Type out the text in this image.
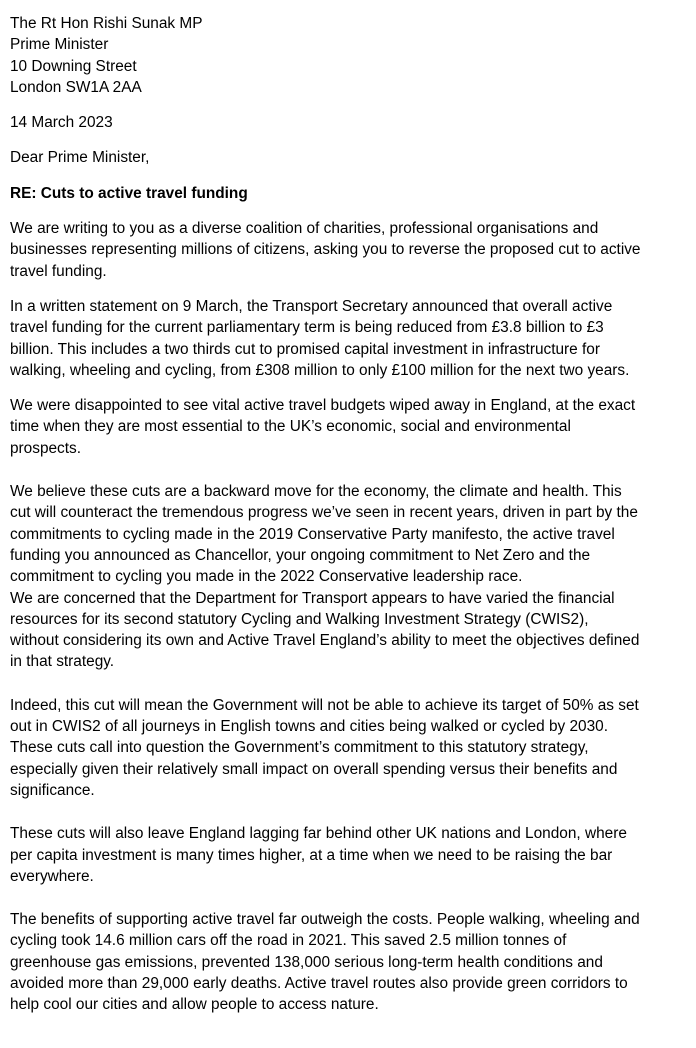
The Rt Hon Rishi Sunak MP
Prime Minister
10 Downing Street
London SW1A 2AA
14 March 2023
Dear Prime Minister,
RE: Cuts to active travel funding
We are writing to you as a diverse coalition of charities, professional organisations and
businesses representing millions of citizens, asking you to reverse the proposed cut to active
travel funding.
In a written statement on 9 March, the Transport Secretary announced that overall active
travel funding for the current parliamentary term is being reduced from £3.8 billion to £3
billion. This includes a two thirds cut to promised capital investment in infrastructure for
walking, wheeling and cycling, from £308 million to only £100 million for the next two years.
We were disappointed to see vital active travel budgets wiped away in England, at the exact
time when they are most essential to the UK’s economic, social and environmental
prospects.
We believe these cuts are a backward move for the economy, the climate and health. This
cut will counteract the tremendous progress we’ve seen in recent years, driven in part by the
commitments to cycling made in the 2019 Conservative Party manifesto, the active travel
funding you announced as Chancellor, your ongoing commitment to Net Zero and the
commitment to cycling you made in the 2022 Conservative leadership race.
We are concerned that the Department for Transport appears to have varied the financial
resources for its second statutory Cycling and Walking Investment Strategy (CWIS2),
without considering its own and Active Travel England’s ability to meet the objectives defined
in that strategy.
Indeed, this cut will mean the Government will not be able to achieve its target of 50% as set
out in CWIS2 of all journeys in English towns and cities being walked or cycled by 2030.
These cuts call into question the Government’s commitment to this statutory strategy,
especially given their relatively small impact on overall spending versus their benefits and
significance.
These cuts will also leave England lagging far behind other UK nations and London, where
per capita investment is many times higher, at a time when we need to be raising the bar
everywhere.
The benefits of supporting active travel far outweigh the costs. People walking, wheeling and
cycling took 14.6 million cars off the road in 2021. This saved 2.5 million tonnes of
greenhouse gas emissions, prevented 138,000 serious long-term health conditions and
avoided more than 29,000 early deaths. Active travel routes also provide green corridors to
help cool our cities and allow people to access nature.
